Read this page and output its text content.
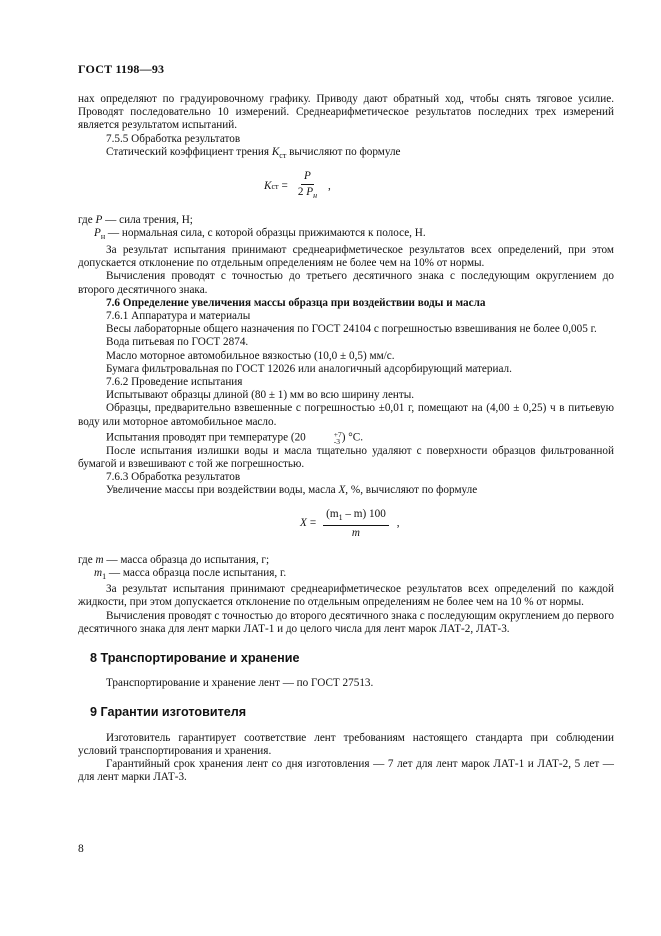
ГОСТ 1198—93

нах определяют по градуировочному графику. Приводу дают обратный ход, чтобы снять тяговое усилие. Проводят последовательно 10 измерений. Среднеарифметическое результатов последних трех измерений является результатом испытаний.

7.5.5 Обработка результатов

Статический коэффициент трения $K_{ст}$ вычисляют по формуле

K ст = $\frac{P}{2 P_н}$ ,

где P — сила трения, Н;

$P_н$ — нормальная сила, с которой образцы прижимаются к полосе, Н.

За результат испытания принимают среднеарифметическое результатов всех определений, при этом допускается отклонение по отдельным определениям не более чем на 10% от нормы.

Вычисления проводят с точностью до третьего десятичного знака с последующим округлением до второго десятичного знака.

7.6 Определение увеличения массы образца при воздействии воды и масла

7.6.1 Аппаратура и материалы

Весы лабораторные общего назначения по ГОСТ 24104 с погрешностью взвешивания не более 0,005 г.

Вода питьевая по ГОСТ 2874.

Масло моторное автомобильное вязкостью (10,0 ± 0,5) мм/с.

Бумага фильтровальная по ГОСТ 12026 или аналогичный адсорбирующий материал.

7.6.2 Проведение испытания

Испытывают образцы длиной (80 ± 1) мм во всю ширину ленты.

Образцы, предварительно взвешенные с погрешностью ±0,01 г, помещают на (4,00 ± 0,25) ч в питьевую воду или моторное автомобильное масло.

Испытания проводят при температуре (20	+7
-3 ) °С.

После испытания излишки воды и масла тщательно удаляют с поверхности образцов фильтрованной бумагой и взвешивают с той же погрешностью.

7.6.3 Обработка результатов

Увеличение массы при воздействии воды, масла X, %, вычисляют по формуле

$X = \frac{(m_1 - m) 100}{m}$ ,

где m — масса образца до испытания, г;

$m_1$ — масса образца после испытания, г.

За результат испытания принимают среднеарифметическое результатов всех определений по каждой жидкости, при этом допускается отклонение по отдельным определениям не более чем на 10 % от нормы.

Вычисления проводят с точностью до второго десятичного знака с последующим округлением до первого десятичного знака для лент марки ЛАТ-1 и до целого числа для лент марок ЛАТ-2, ЛАТ-3.

8 Транспортирование и хранение

Транспортирование и хранение лент — по ГОСТ 27513.

9 Гарантии изготовителя

Изготовитель гарантирует соответствие лент требованиям настоящего стандарта при соблюдении условий транспортирования и хранения.

Гарантийный срок хранения лент со дня изготовления — 7 лет для лент марок ЛАТ-1 и ЛАТ-2, 5 лет — для лент марки ЛАТ-3.

8
